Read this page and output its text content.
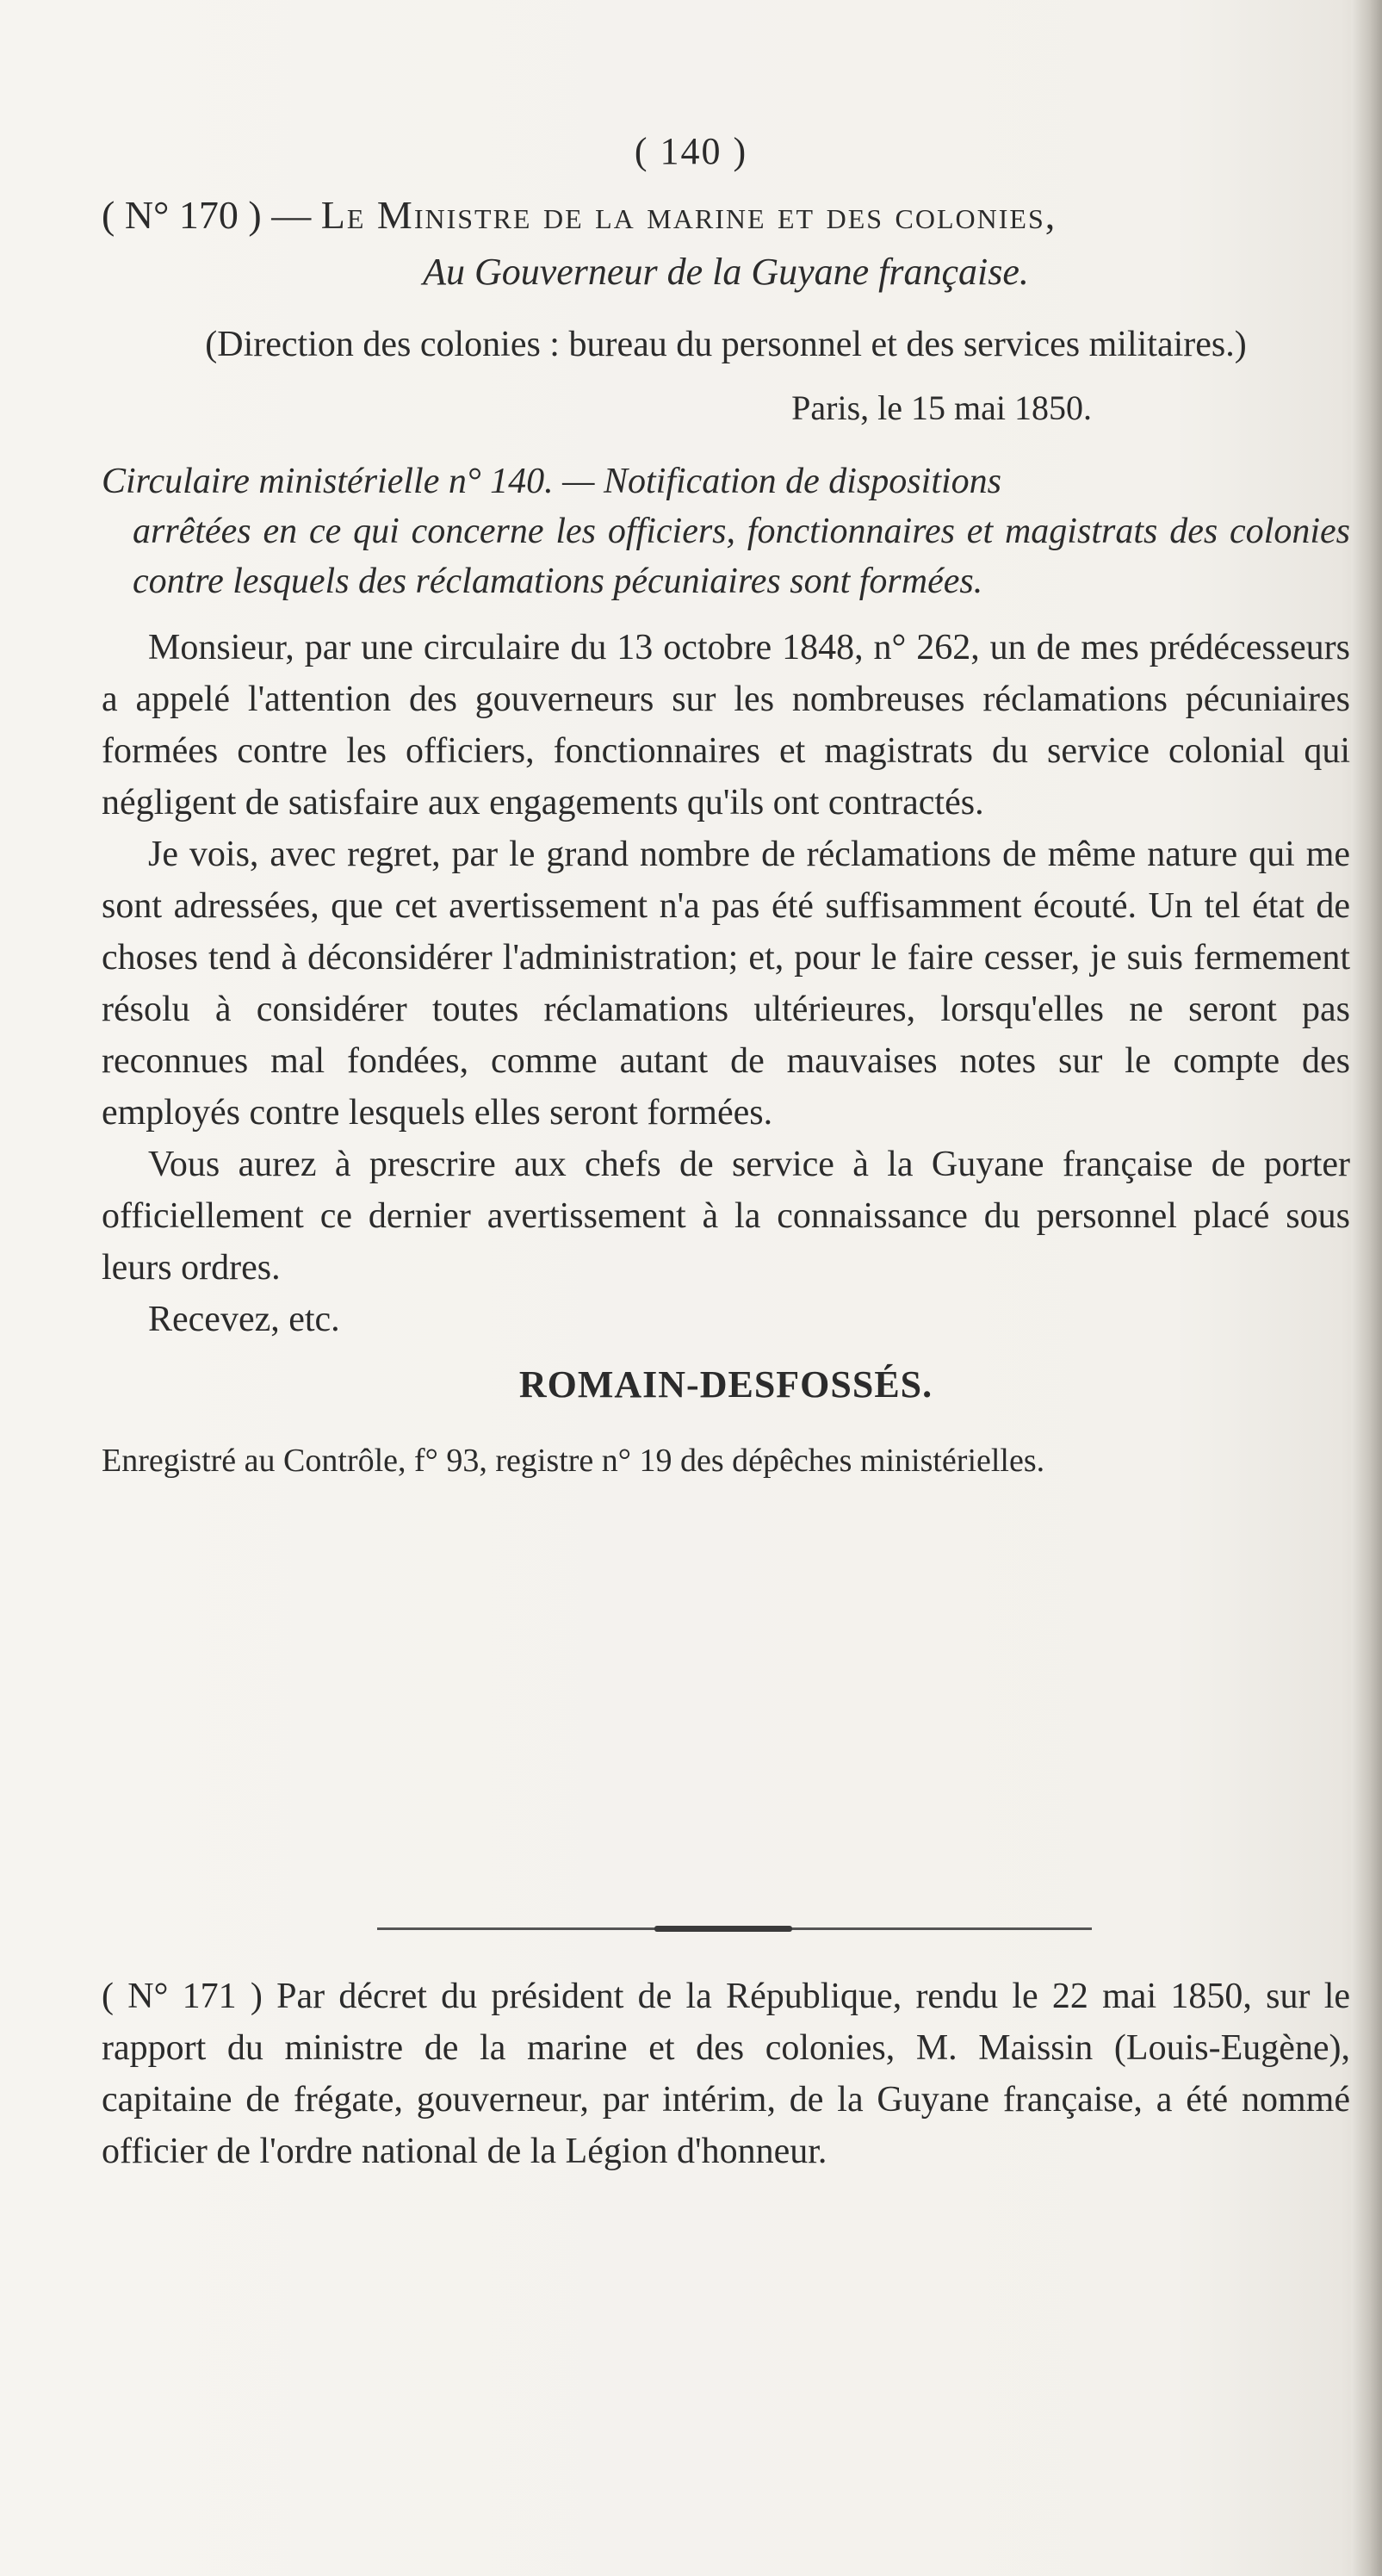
( 140 )
( N° 170 ) — Le Ministre de la marine et des colonies,
Au Gouverneur de la Guyane française.
(Direction des colonies : bureau du personnel et des services militaires.)
Paris, le 15 mai 1850.
Circulaire ministérielle n° 140. — Notification de dispositions
arrêtées en ce qui concerne les officiers, fonctionnaires et magistrats des colonies contre lesquels des réclamations pécuniaires sont formées.

Monsieur, par une circulaire du 13 octobre 1848, n° 262, un de mes prédécesseurs a appelé l'attention des gouverneurs sur les nombreuses réclamations pécuniaires formées contre les officiers, fonctionnaires et magistrats du service colonial qui négligent de satisfaire aux engagements qu'ils ont contractés.

Je vois, avec regret, par le grand nombre de réclamations de même nature qui me sont adressées, que cet avertissement n'a pas été suffisamment écouté. Un tel état de choses tend à déconsidérer l'administration; et, pour le faire cesser, je suis fermement résolu à considérer toutes réclamations ultérieures, lorsqu'elles ne seront pas reconnues mal fondées, comme autant de mauvaises notes sur le compte des employés contre lesquels elles seront formées.

Vous aurez à prescrire aux chefs de service à la Guyane française de porter officiellement ce dernier avertissement à la connaissance du personnel placé sous leurs ordres.

Recevez, etc.

ROMAIN-DESFOSSÉS.
Enregistré au Contrôle, f° 93, registre n° 19 des dépêches ministérielles.
( N° 171 ) Par décret du président de la République, rendu le 22 mai 1850, sur le rapport du ministre de la marine et des colonies, M. Maissin (Louis-Eugène), capitaine de frégate, gouverneur, par intérim, de la Guyane française, a été nommé officier de l'ordre national de la Légion d'honneur.
